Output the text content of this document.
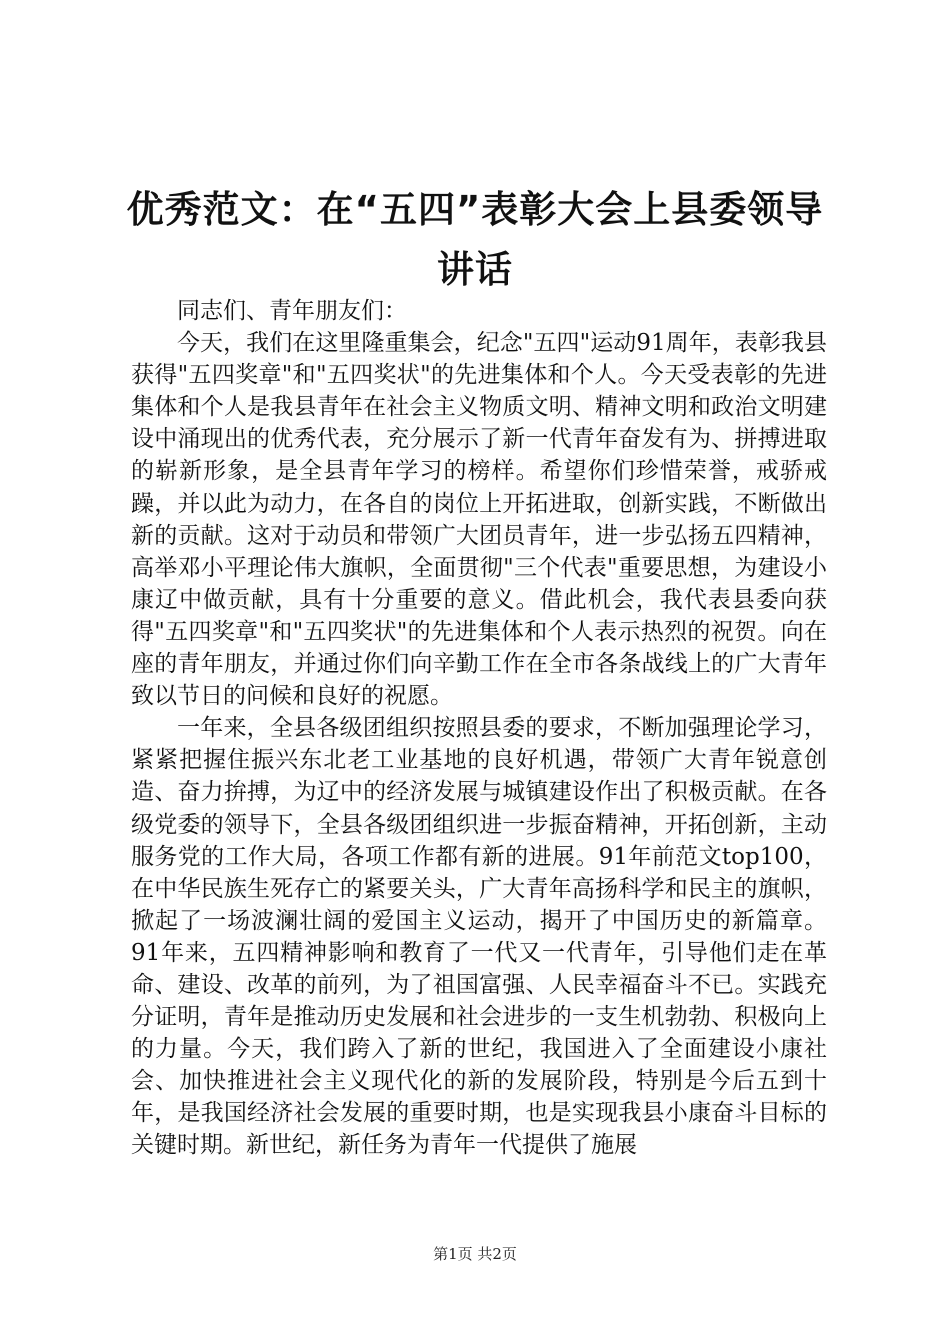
优秀范文：在“五四”表彰大会上县委领导讲话

同志们、青年朋友们：

今天，我们在这里隆重集会，纪念"五四"运动91周年，表彰我县获得"五四奖章"和"五四奖状"的先进集体和个人。今天受表彰的先进集体和个人是我县青年在社会主义物质文明、精神文明和政治文明建设中涌现出的优秀代表，充分展示了新一代青年奋发有为、拼搏进取的崭新形象，是全县青年学习的榜样。希望你们珍惜荣誉，戒骄戒躁，并以此为动力，在各自的岗位上开拓进取，创新实践，不断做出新的贡献。这对于动员和带领广大团员青年，进一步弘扬五四精神，高举邓小平理论伟大旗帜，全面贯彻"三个代表"重要思想，为建设小康辽中做贡献，具有十分重要的意义。借此机会，我代表县委向获得"五四奖章"和"五四奖状"的先进集体和个人表示热烈的祝贺。向在座的青年朋友，并通过你们向辛勤工作在全市各条战线上的广大青年致以节日的问候和良好的祝愿。

一年来，全县各级团组织按照县委的要求，不断加强理论学习，紧紧把握住振兴东北老工业基地的良好机遇，带领广大青年锐意创造、奋力拚搏，为辽中的经济发展与城镇建设作出了积极贡献。在各级党委的领导下，全县各级团组织进一步振奋精神，开拓创新，主动服务党的工作大局，各项工作都有新的进展。91年前范文top100，在中华民族生死存亡的紧要关头，广大青年高扬科学和民主的旗帜，掀起了一场波澜壮阔的爱国主义运动，揭开了中国历史的新篇章。91年来，五四精神影响和教育了一代又一代青年，引导他们走在革命、建设、改革的前列，为了祖国富强、人民幸福奋斗不已。实践充分证明，青年是推动历史发展和社会进步的一支生机勃勃、积极向上的力量。今天，我们跨入了新的世纪，我国进入了全面建设小康社会、加快推进社会主义现代化的新的发展阶段，特别是今后五到十年，是我国经济社会发展的重要时期，也是实现我县小康奋斗目标的关键时期。新世纪，新任务为青年一代提供了施展

第1页 共2页
